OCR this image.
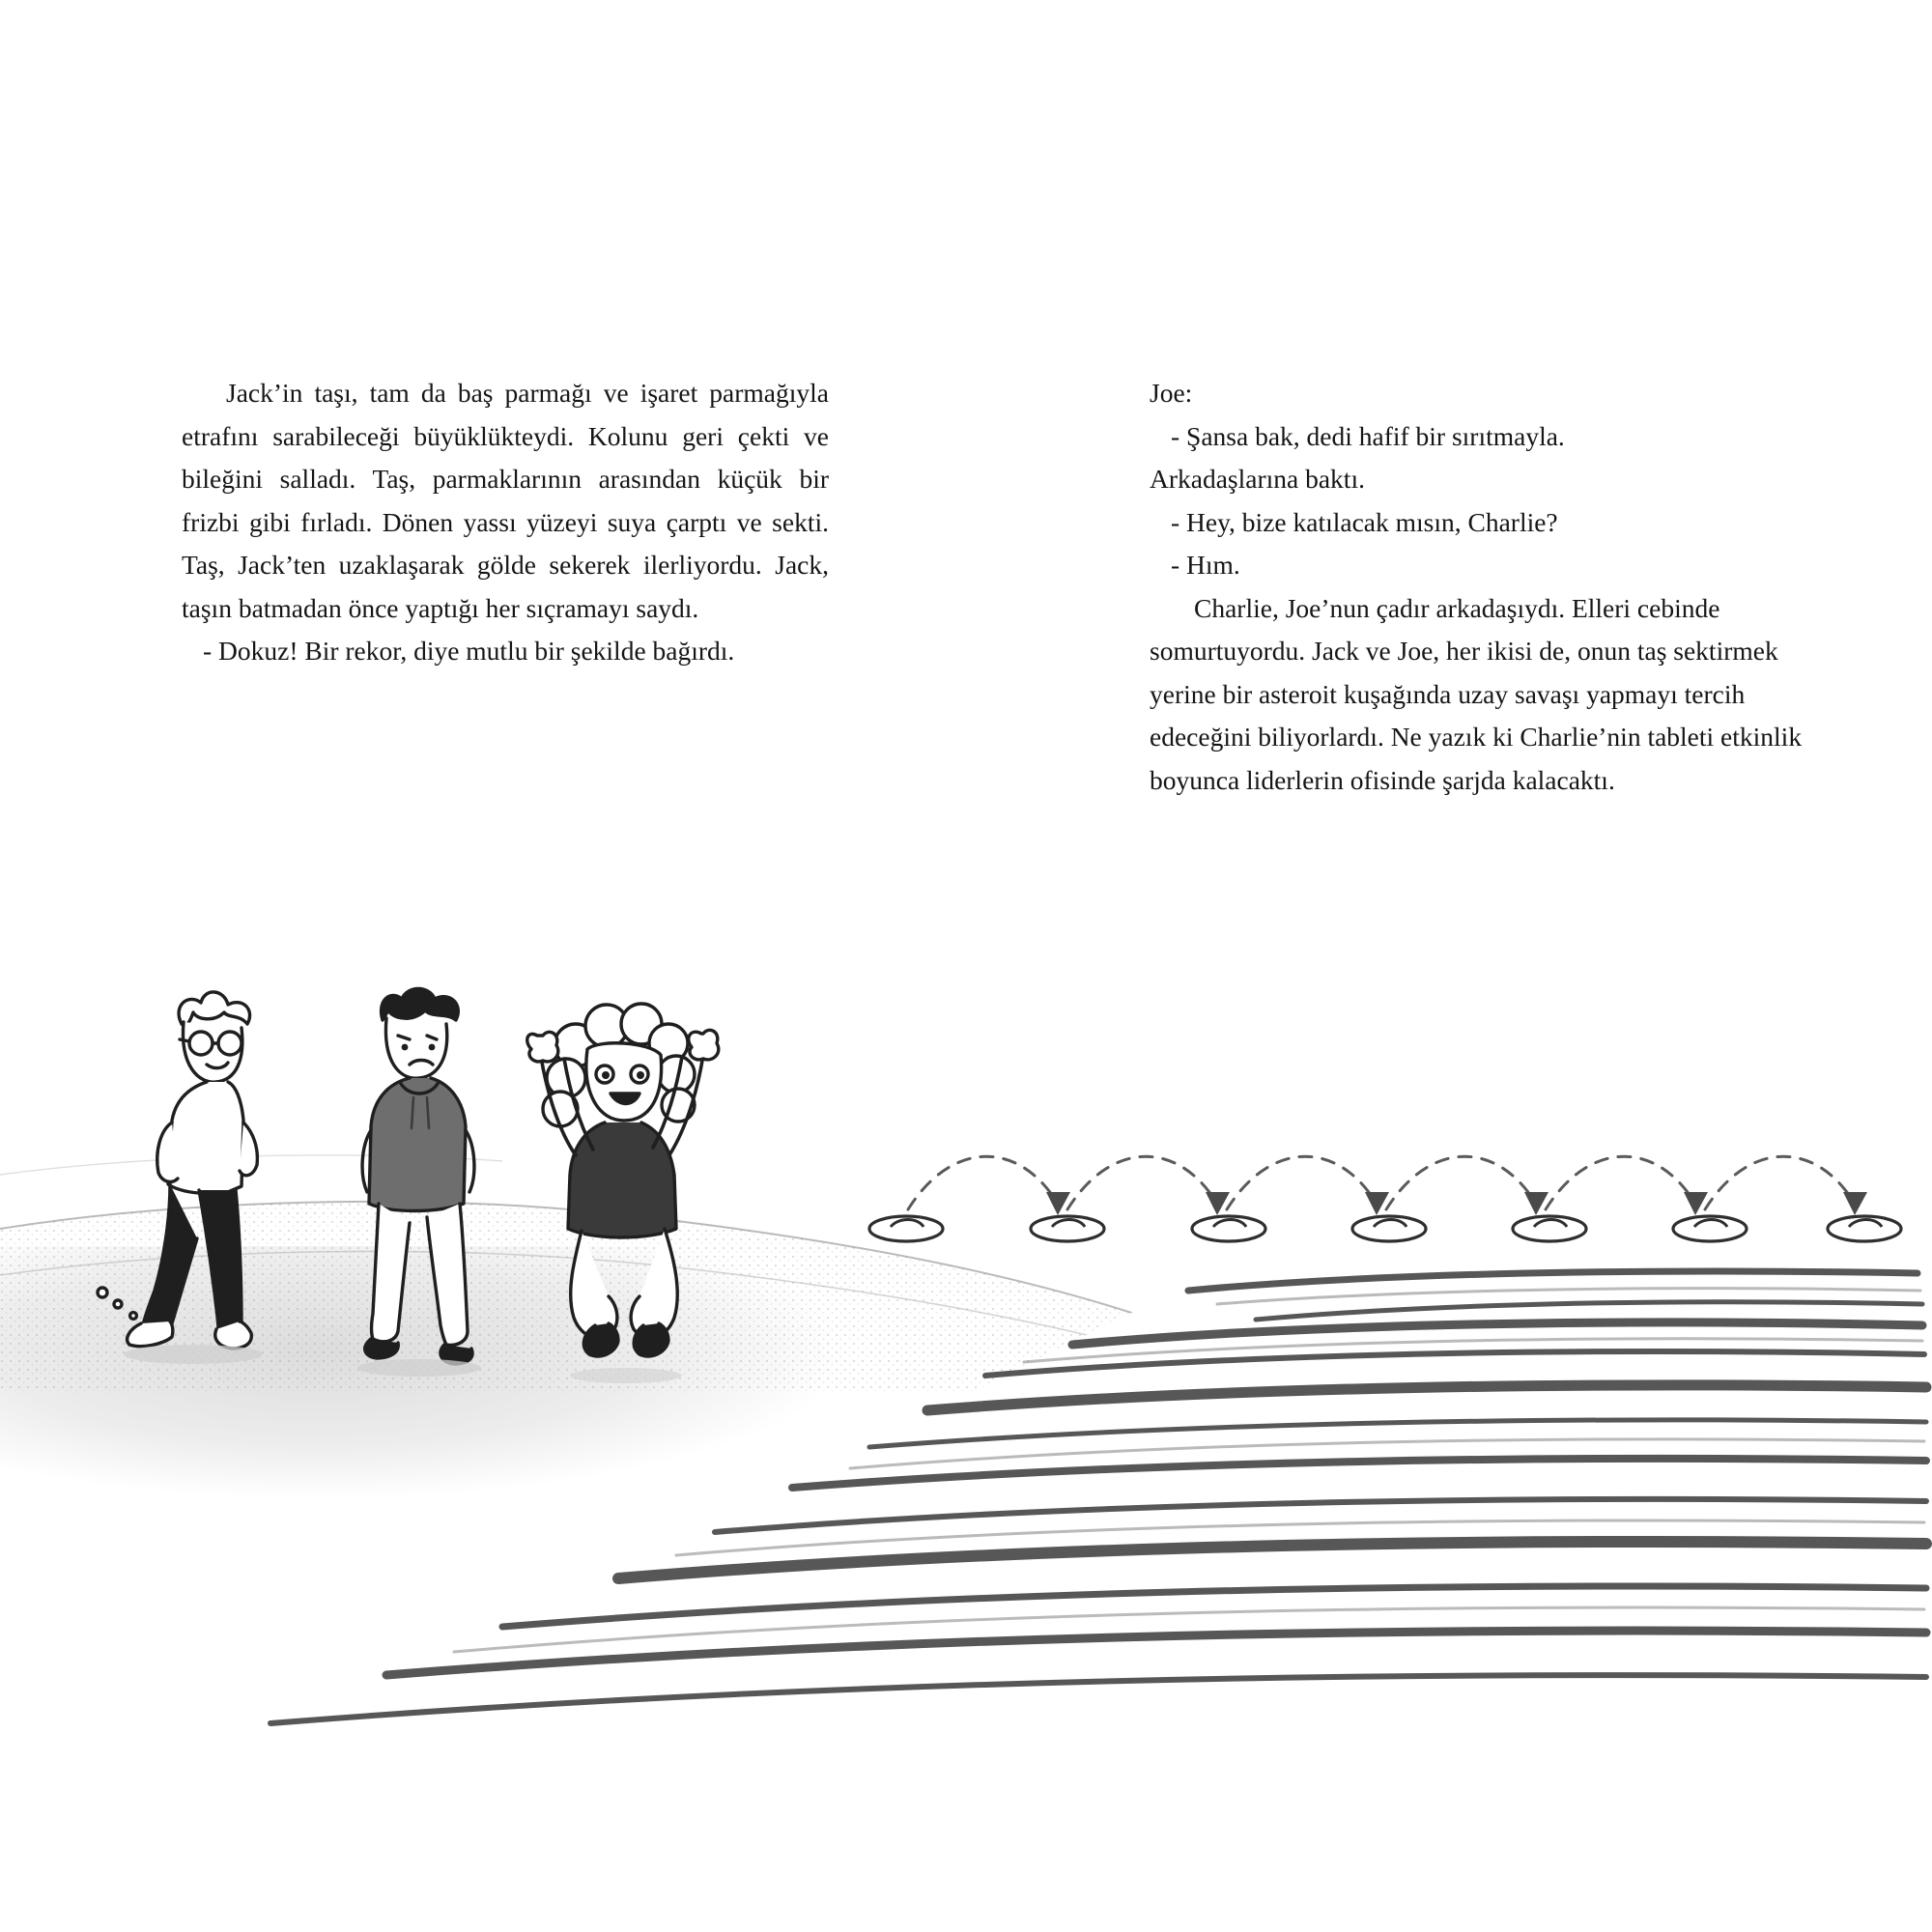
Jack’in taşı, tam da baş parmağı ve işaret parmağıyla etrafını sarabileceği büyüklükteydi. Kolunu geri çekti ve bileğini salladı. Taş, parmaklarının arasından küçük bir frizbi gibi fırladı. Dönen yassı yüzeyi suya çarptı ve sekti. Taş, Jack’ten uzaklaşarak gölde sekerek ilerliyordu. Jack, taşın batmadan önce yaptığı her sıçramayı saydı.

- Dokuz! Bir rekor, diye mutlu bir şekilde bağırdı.

Joe:

- Şansa bak, dedi hafif bir sırıtmayla.

Arkadaşlarına baktı.

- Hey, bize katılacak mısın, Charlie?

- Hım.

Charlie, Joe’nun çadır arkadaşıydı. Elleri cebinde somurtuyordu. Jack ve Joe, her ikisi de, onun taş sektirmek yerine bir asteroit kuşağında uzay savaşı yapmayı tercih edeceğini biliyorlardı. Ne yazık ki Charlie’nin tableti etkinlik boyunca liderlerin ofisinde şarjda kalacaktı.
